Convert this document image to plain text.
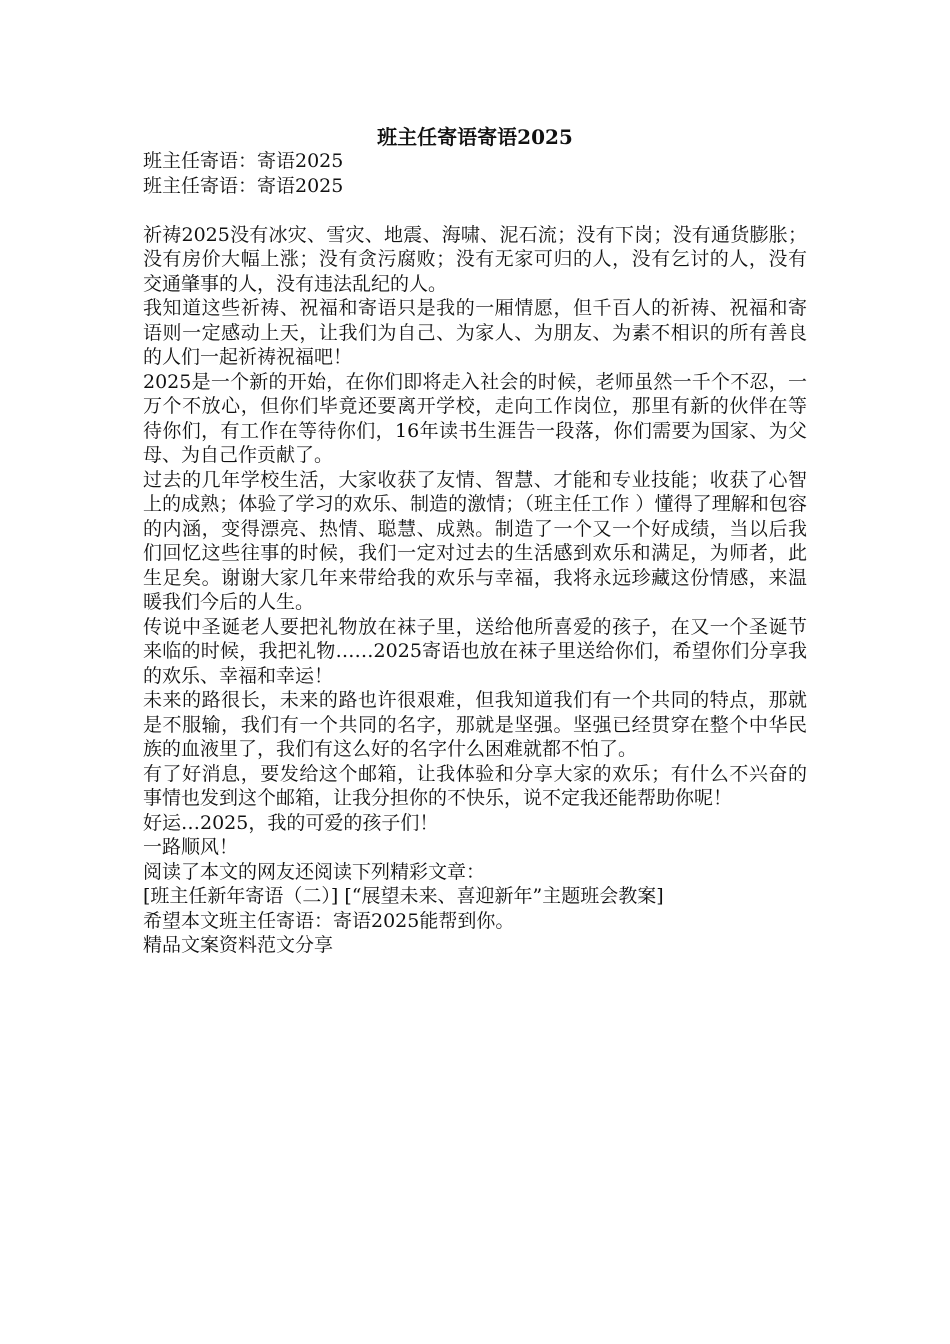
班主任寄语寄语2025

班主任寄语：寄语2025

班主任寄语：寄语2025

祈祷2025没有冰灾、雪灾、地震、海啸、泥石流；没有下岗；没有通货膨胀；没有房价大幅上涨；没有贪污腐败；没有无家可归的人，没有乞讨的人，没有交通肇事的人，没有违法乱纪的人。

我知道这些祈祷、祝福和寄语只是我的一厢情愿，但千百人的祈祷、祝福和寄语则一定感动上天，让我们为自己、为家人、为朋友、为素不相识的所有善良的人们一起祈祷祝福吧！

2025是一个新的开始，在你们即将走入社会的时候，老师虽然一千个不忍，一万个不放心，但你们毕竟还要离开学校，走向工作岗位，那里有新的伙伴在等待你们，有工作在等待你们，16年读书生涯告一段落，你们需要为国家、为父母、为自己作贡献了。

过去的几年学校生活，大家收获了友情、智慧、才能和专业技能；收获了心智上的成熟；体验了学习的欢乐、制造的激情；（班主任工作 ）懂得了理解和包容的内涵，变得漂亮、热情、聪慧、成熟。制造了一个又一个好成绩，当以后我们回忆这些往事的时候，我们一定对过去的生活感到欢乐和满足，为师者，此生足矣。谢谢大家几年来带给我的欢乐与幸福，我将永远珍藏这份情感，来温暖我们今后的人生。

传说中圣诞老人要把礼物放在袜子里，送给他所喜爱的孩子，在又一个圣诞节来临的时候，我把礼物……2025寄语也放在袜子里送给你们，希望你们分享我的欢乐、幸福和幸运！

未来的路很长，未来的路也许很艰难，但我知道我们有一个共同的特点，那就是不服输，我们有一个共同的名字，那就是坚强。坚强已经贯穿在整个中华民族的血液里了，我们有这么好的名字什么困难就都不怕了。

有了好消息，要发给这个邮箱，让我体验和分享大家的欢乐；有什么不兴奋的事情也发到这个邮箱，让我分担你的不快乐，说不定我还能帮助你呢！

好运…2025，我的可爱的孩子们！

一路顺风！

阅读了本文的网友还阅读下列精彩文章：

[班主任新年寄语（二）] [“展望未来、喜迎新年”主题班会教案]

希望本文班主任寄语：寄语2025能帮到你。

精品文案资料范文分享
